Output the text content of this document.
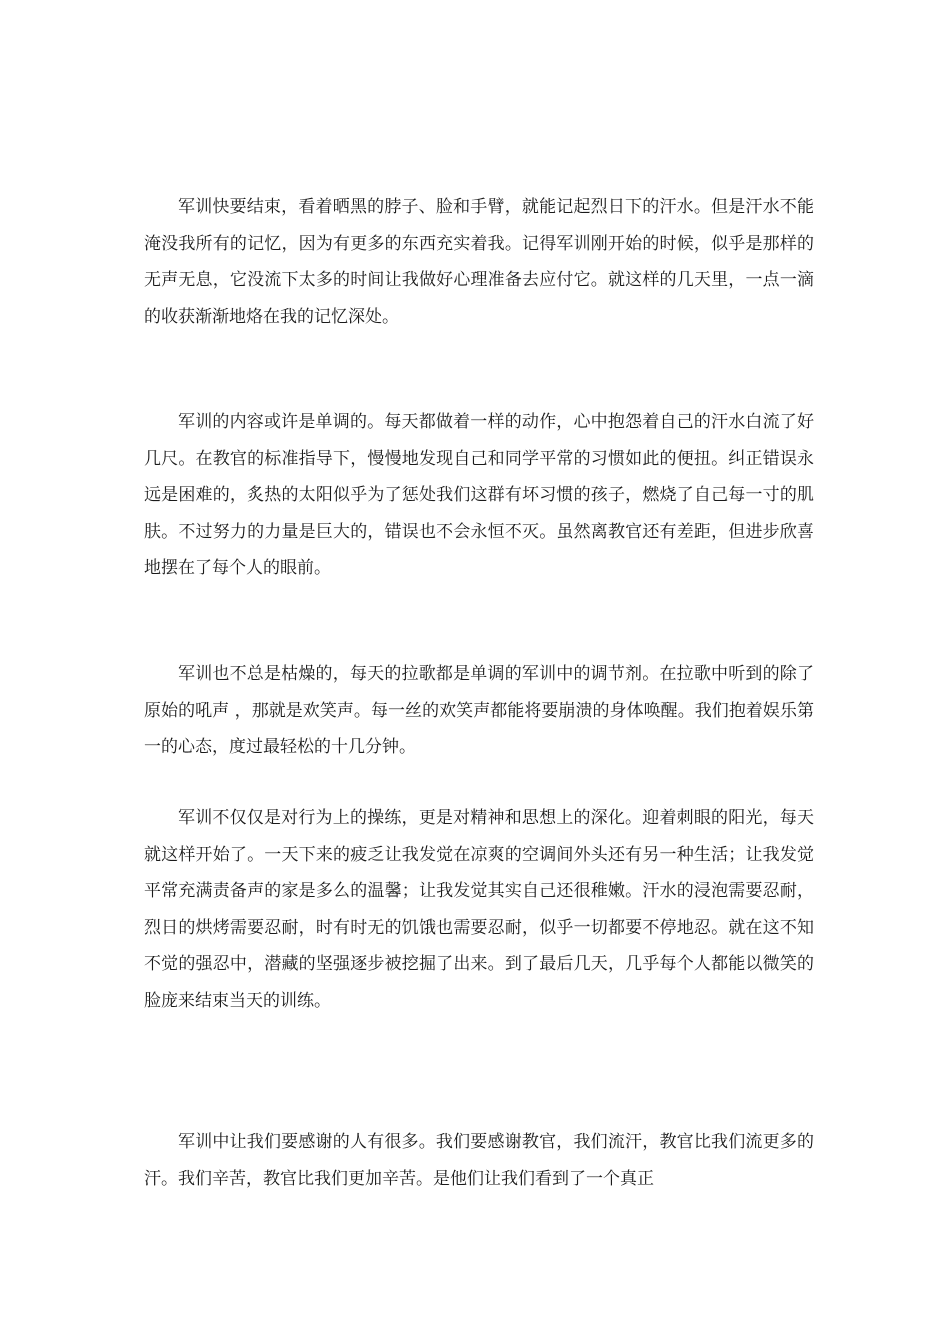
军训快要结束，看着晒黑的脖子、脸和手臂，就能记起烈日下的汗水。但是汗水不能淹没我所有的记忆，因为有更多的东西充实着我。记得军训刚开始的时候，似乎是那样的无声无息，它没流下太多的时间让我做好心理准备去应付它。就这样的几天里，一点一滴的收获渐渐地烙在我的记忆深处。

军训的内容或许是单调的。每天都做着一样的动作，心中抱怨着自己的汗水白流了好几尺。在教官的标准指导下，慢慢地发现自己和同学平常的习惯如此的便扭。纠正错误永远是困难的，炙热的太阳似乎为了惩处我们这群有坏习惯的孩子，燃烧了自己每一寸的肌肤。不过努力的力量是巨大的，错误也不会永恒不灭。虽然离教官还有差距，但进步欣喜地摆在了每个人的眼前。

军训也不总是枯燥的，每天的拉歌都是单调的军训中的调节剂。在拉歌中听到的除了 原始的吼声 ，那就是欢笑声。每一丝的欢笑声都能将要崩溃的身体唤醒。我们抱着娱乐第一的心态，度过最轻松的十几分钟。

军训不仅仅是对行为上的操练，更是对精神和思想上的深化。迎着刺眼的阳光，每天就这样开始了。一天下来的疲乏让我发觉在凉爽的空调间外头还有另一种生活；让我发觉平常充满责备声的家是多么的温馨；让我发觉其实自己还很稚嫩。汗水的浸泡需要忍耐，烈日的烘烤需要忍耐，时有时无的饥饿也需要忍耐，似乎一切都要不停地忍。就在这不知不觉的强忍中，潜藏的坚强逐步被挖掘了出来。到了最后几天，几乎每个人都能以微笑的脸庞来结束当天的训练。

军训中让我们要感谢的人有很多。我们要感谢教官，我们流汗，教官比我们流更多的汗。我们辛苦，教官比我们更加辛苦。是他们让我们看到了一个真正
